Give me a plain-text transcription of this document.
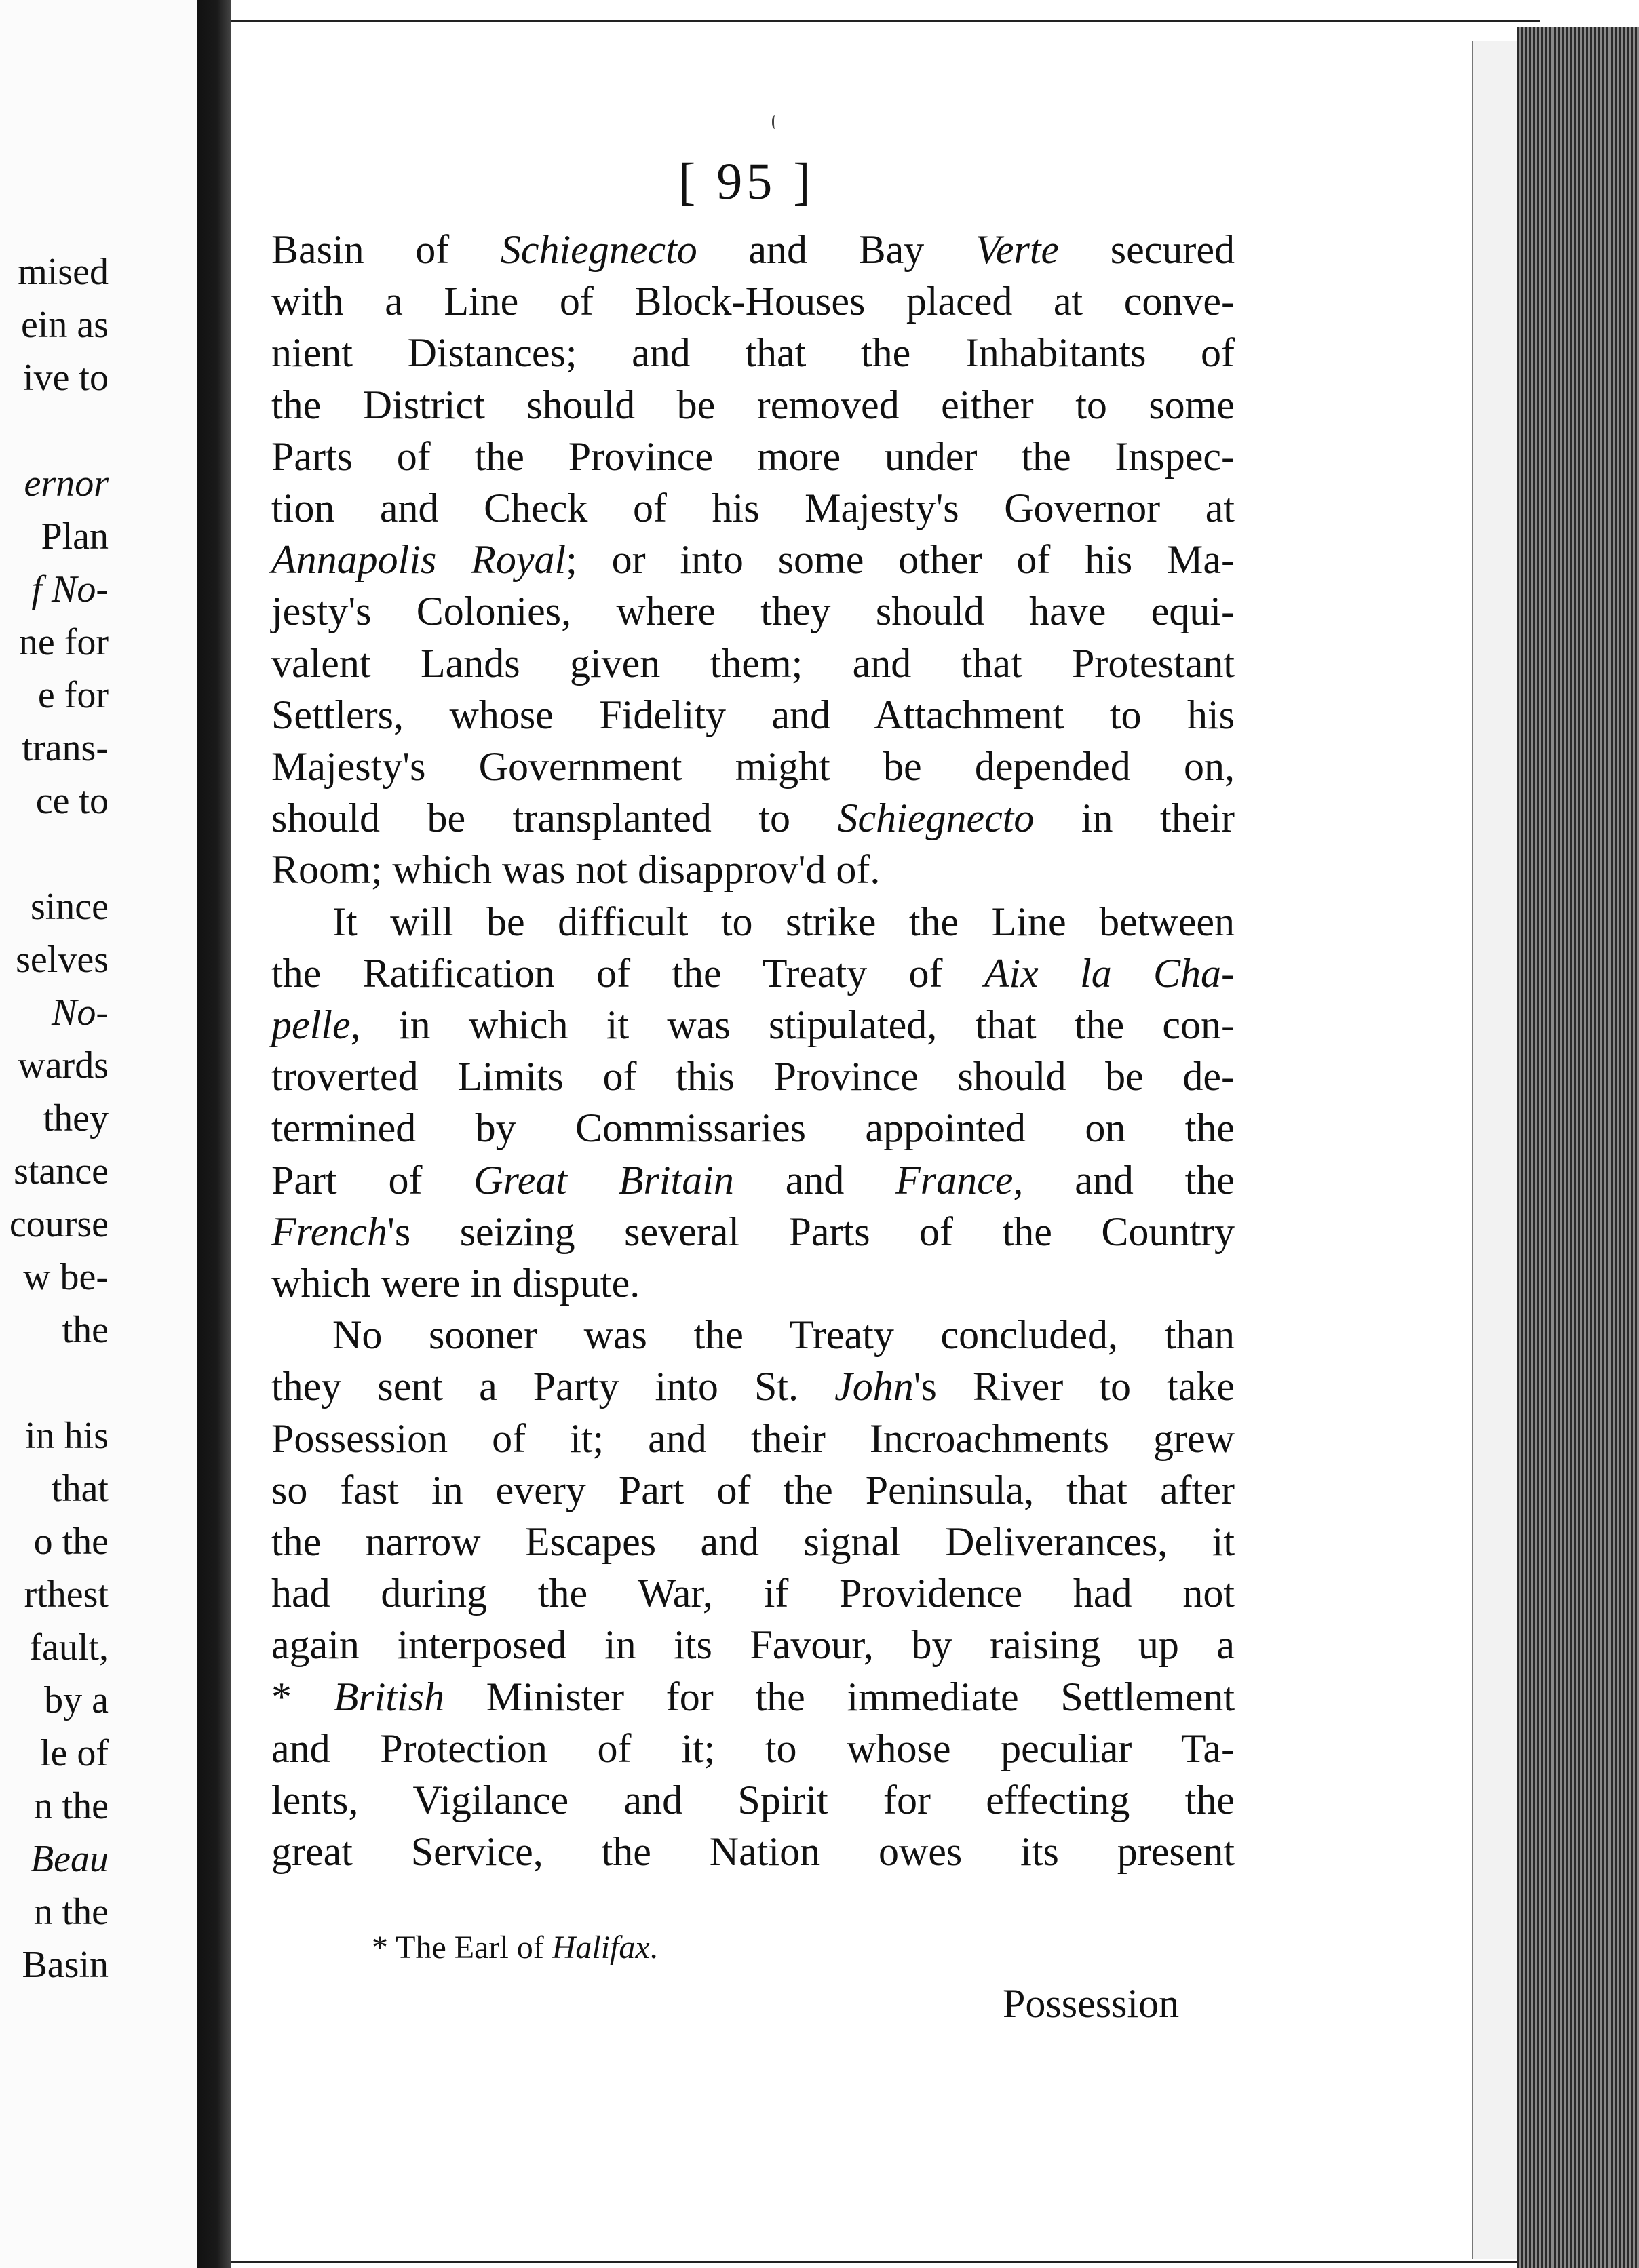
mised
ein as
ive to
ernor
Plan
f No-
ne for
e for
trans-
ce to
since
selves
No-
wards
they
stance
course
w be-
the
in his
that
o the
rthest
fault,
by a
le of
n the
Beau
n the
Basin
[ 95 ]
Basin of Schiegnecto and Bay Verte secured
with a Line of Block-Houses placed at conve-
nient Distances; and that the Inhabitants of
the District should be removed either to some
Parts of the Province more under the Inspec-
tion and Check of his Majesty's Governor at
Annapolis Royal; or into some other of his Ma-
jesty's Colonies, where they should have equi-
valent Lands given them; and that Protestant
Settlers, whose Fidelity and Attachment to his
Majesty's Government might be depended on,
should be transplanted to Schiegnecto in their
Room; which was not disapprov'd of.
It will be difficult to strike the Line between
the Ratification of the Treaty of Aix la Cha-
pelle, in which it was stipulated, that the con-
troverted Limits of this Province should be de-
termined by Commissaries appointed on the
Part of Great Britain and France, and the
French's seizing several Parts of the Country
which were in dispute.
No sooner was the Treaty concluded, than
they sent a Party into St. John's River to take
Possession of it; and their Incroachments grew
so fast in every Part of the Peninsula, that after
the narrow Escapes and signal Deliverances, it
had during the War, if Providence had not
again interposed in its Favour, by raising up a
* British Minister for the immediate Settlement
and Protection of it; to whose peculiar Ta-
lents, Vigilance and Spirit for effecting the
great Service, the Nation owes its present
* The Earl of Halifax.
Possession
